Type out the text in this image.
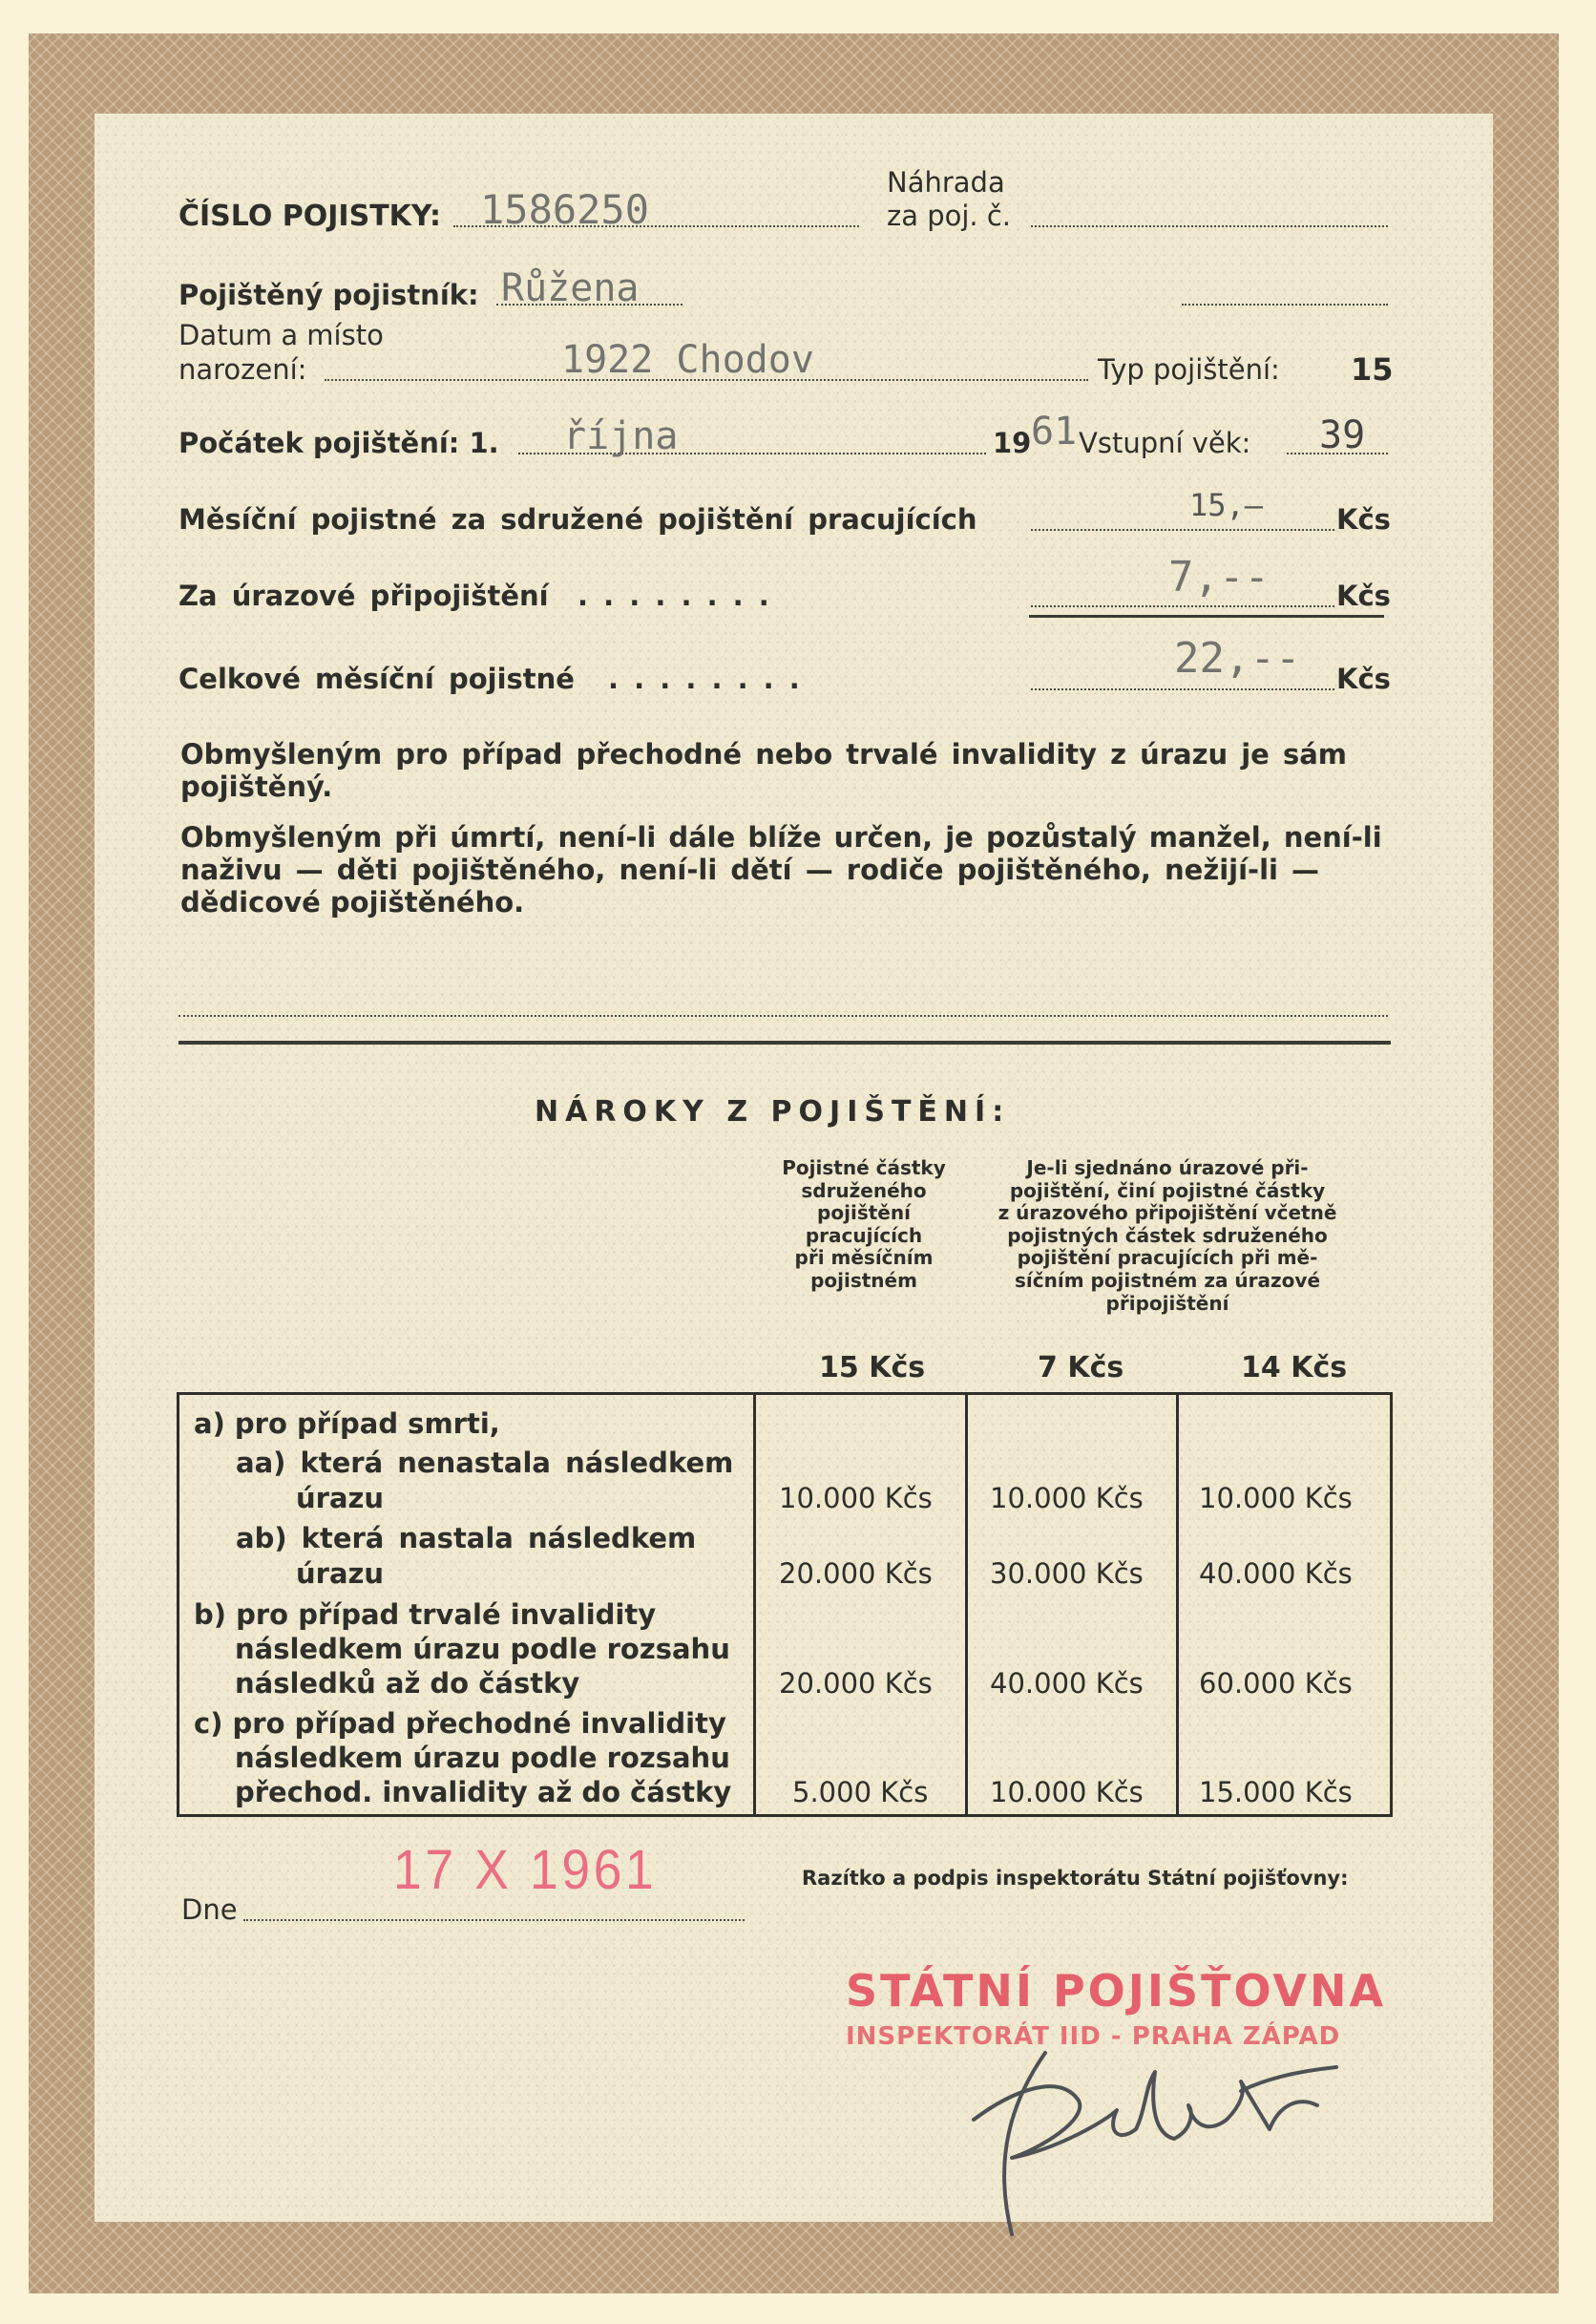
ČÍSLO POJISTKY: 1586250
Náhrada
za poj. č.
Pojištěný pojistník: Růžena
Datum a místo
narození:	1922 Chodov	Typ pojištění: 15
Počátek pojištění: 1. října	19 61 Vstupní věk: 39
Měsíční pojistné za sdružené pojištění pracujících	15,—	Kčs
Za úrazové připojištění . . . . . . . .	7,-- Kčs
Celkové měsíční pojistné . . . . . . . .	22,-- Kčs
Obmyšleným pro případ přechodné nebo trvalé invalidity z úrazu je sám
pojištěný.
Obmyšleným při úmrtí, není-li dále blíže určen, je pozůstalý manžel, není-li
naživu — děti pojištěného, není-li dětí — rodiče pojištěného, nežijí-li —
dědicové pojištěného.
NÁROKY Z POJIŠTĚNÍ:
Pojistné částky
sdruženého
pojištění
pracujících
při měsíčním
pojistném
Je-li sjednáno úrazové při-
pojištění, činí pojistné částky
z úrazového připojištění včetně
pojistných částek sdruženého
pojištění pracujících při mě-
síčním pojistném za úrazové
připojištění
15 Kčs	7 Kčs	14 Kčs
a) pro případ smrti,
aa) která nenastala následkem
úrazu	10.000 Kčs 10.000 Kčs 10.000 Kčs
ab) která nastala následkem
úrazu	20.000 Kčs 30.000 Kčs 40.000 Kčs
b) pro případ trvalé invalidity
následkem úrazu podle rozsahu
následků až do částky	20.000 Kčs 40.000 Kčs 60.000 Kčs
c) pro případ přechodné invalidity
následkem úrazu podle rozsahu
přechod. invalidity až do částky 5.000 Kčs 10.000 Kčs 15.000 Kčs
17 X 1961
Dne
Razítko a podpis inspektorátu Státní pojišťovny:
STÁTNÍ POJIŠŤOVNA
INSPEKTORÁT IID - PRAHA ZÁPAD
